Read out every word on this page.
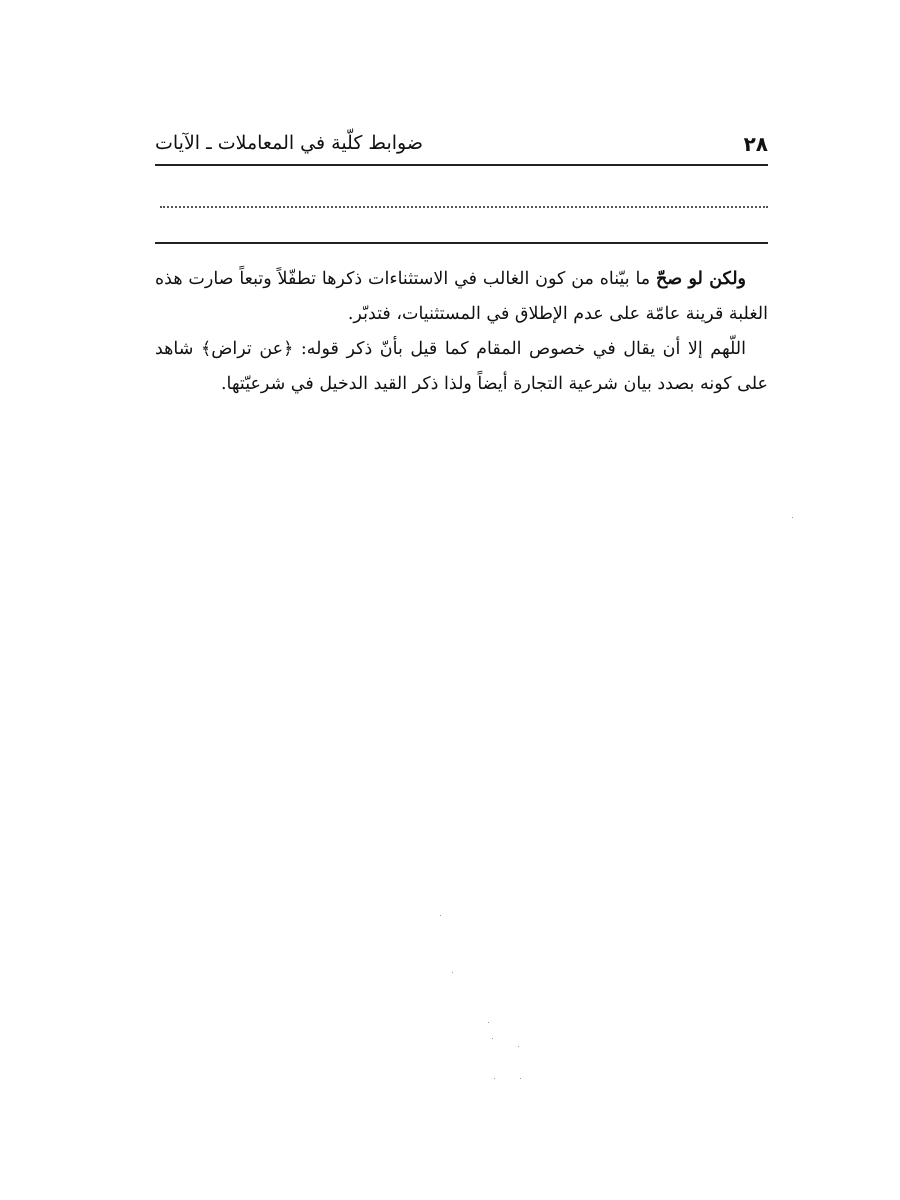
٢٨
ضوابط كلّية في المعاملات ـ الآيات

ولكن لو صحّ ما بيّناه من كون الغالب في الاستثناءات ذكرها تطفّلاً وتبعاً صارت هذه الغلبة قرينة عامّة على عدم الإطلاق في المستثنيات، فتدبّر.

اللّهم إلا أن يقال في خصوص المقام كما قيل بأنّ ذكر قوله: ﴿عن تراض﴾ شاهد على كونه بصدد بيان شرعية التجارة أيضاً ولذا ذكر القيد الدخيل في شرعيّتها.
